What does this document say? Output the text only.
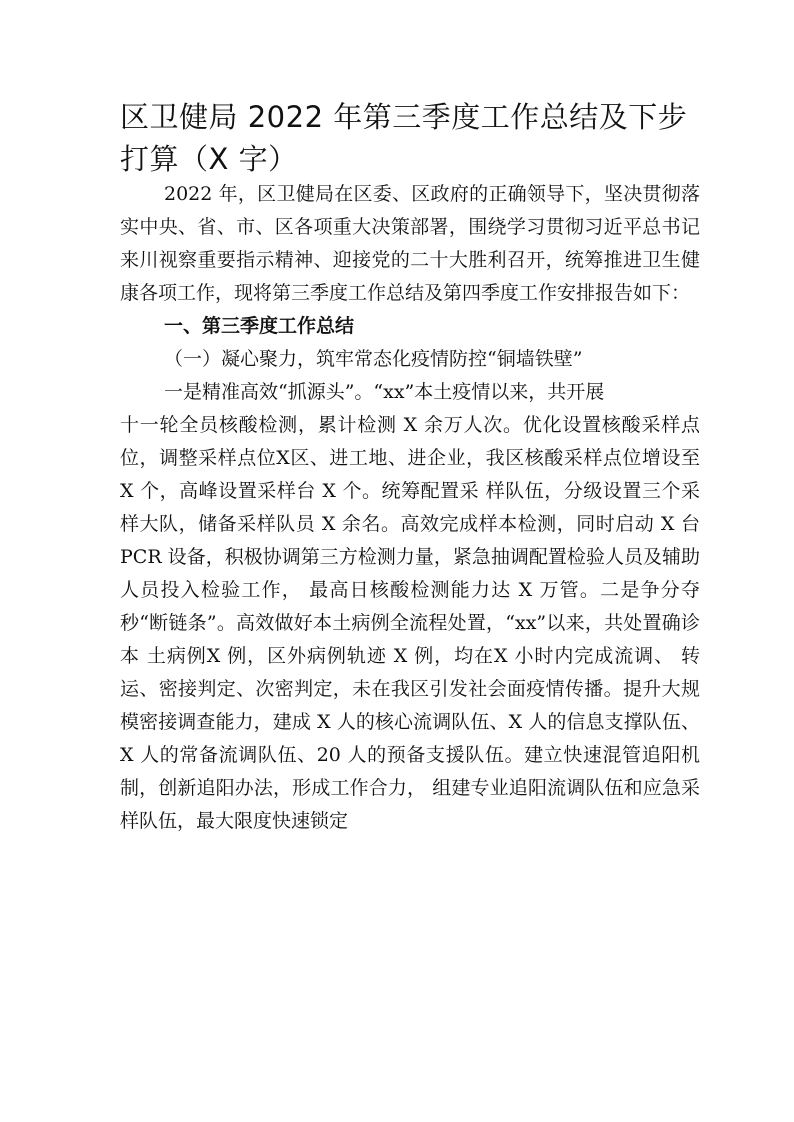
区卫健局 2022 年第三季度工作总结及下步打算（X 字）

2022 年，区卫健局在区委、区政府的正确领导下，坚决贯彻落实中央、省、市、区各项重大决策部署，围绕学习贯彻习近平总书记来川视察重要指示精神、迎接党的二十大胜利召开，统筹推进卫生健康各项工作，现将第三季度工作总结及第四季度工作安排报告如下：

一、第三季度工作总结

（一）凝心聚力，筑牢常态化疫情防控“铜墙铁壁”

一是精准高效“抓源头”。“xx”本土疫情以来，共开展

十一轮全员核酸检测，累计检测 X 余万人次。优化设置核酸采样点位，调整采样点位X区、进工地、进企业，我区核酸采样点位增设至 X 个，高峰设置采样台 X 个。统筹配置采 样队伍，分级设置三个采样大队，储备采样队员 X 余名。高效完成样本检测，同时启动 X 台PCR 设备，积极协调第三方检测力量，紧急抽调配置检验人员及辅助人员投入检验工作， 最高日核酸检测能力达 X 万管。二是争分夺秒“断链条”。高效做好本土病例全流程处置，“xx”以来，共处置确诊本 土病例X 例，区外病例轨迹 X 例，均在X 小时内完成流调、 转运、密接判定、次密判定，未在我区引发社会面疫情传播。提升大规模密接调查能力，建成 X 人的核心流调队伍、X 人的信息支撑队伍、X 人的常备流调队伍、20 人的预备支援队伍。建立快速混管追阳机制，创新追阳办法，形成工作合力， 组建专业追阳流调队伍和应急采样队伍，最大限度快速锁定
